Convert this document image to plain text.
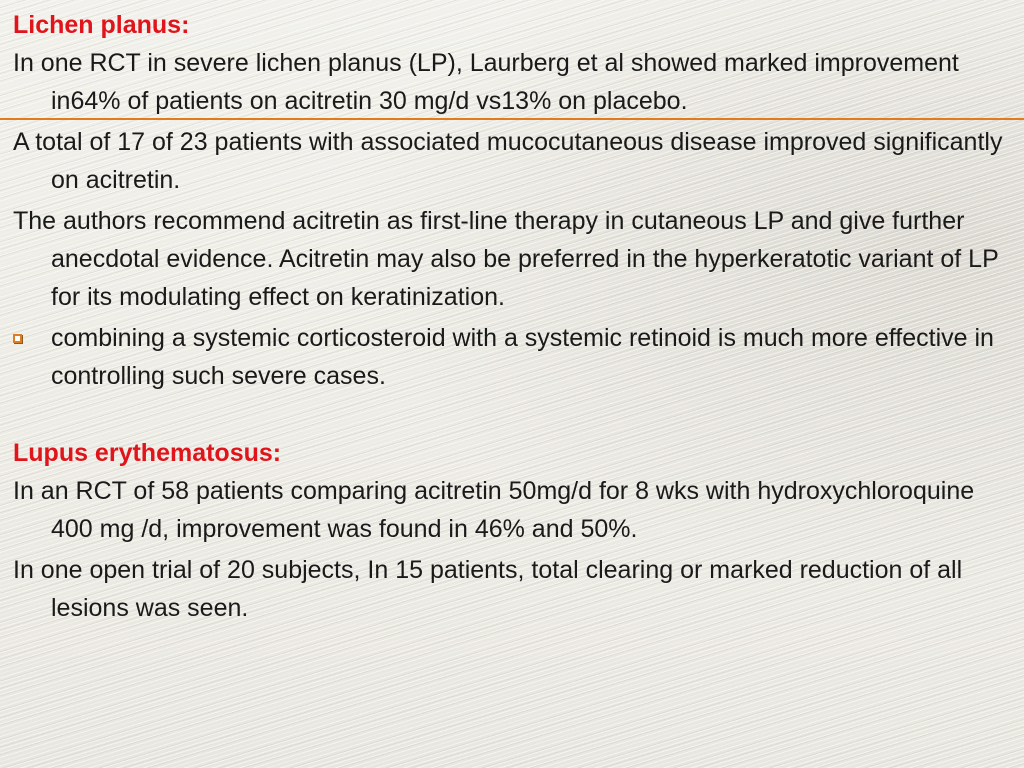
Lichen planus:
In one RCT in severe lichen planus (LP), Laurberg et al showed marked improvement in64% of patients on acitretin 30 mg/d vs13% on placebo.
A total of 17 of 23 patients with associated mucocutaneous disease improved significantly on acitretin.
The authors recommend acitretin as first-line therapy in cutaneous LP and give further anecdotal evidence. Acitretin may also be preferred in the hyperkeratotic variant of LP for its modulating effect on keratinization.
combining a systemic corticosteroid with a systemic retinoid is much more effective in controlling such severe cases.
Lupus erythematosus:
In an RCT of 58 patients comparing acitretin 50mg/d for 8 wks with hydroxychloroquine 400 mg /d, improvement was found in 46% and 50%.
In one open trial of 20 subjects, In 15 patients, total clearing or marked reduction of all lesions was seen.
